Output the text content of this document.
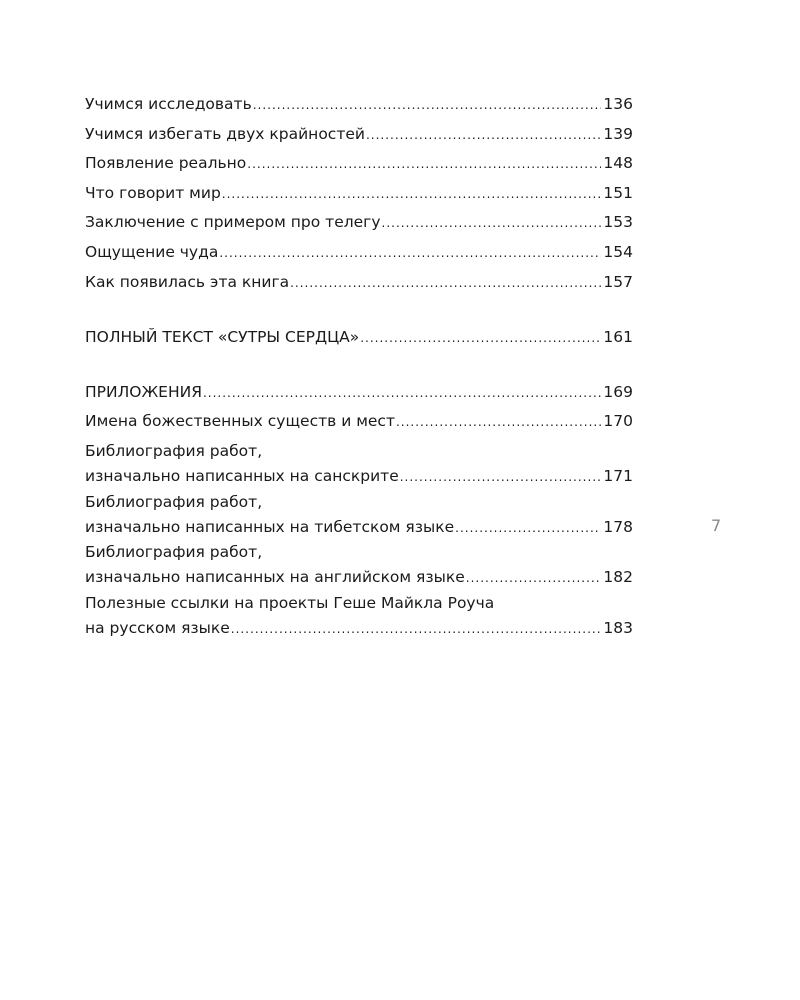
Учимся исследовать .....	136
Учимся избегать двух крайностей .....	139
Появление реально .....	148
Что говорит мир .....	151
Заключение с примером про телегу .....	153
Ощущение чуда .....	154
Как появилась эта книга .....	157
ПОЛНЫЙ ТЕКСТ «СУТРЫ СЕРДЦА» .....	161
ПРИЛОЖЕНИЯ .....	169
Имена божественных существ и мест .....	170
Библиография работ,
изначально написанных на санскрите .....	171
Библиография работ,
изначально написанных на тибетском языке .....	178
Библиография работ,
изначально написанных на английском языке .....	182
Полезные ссылки на проекты Геше Майкла Роуча
на русском языке .....	183
7
